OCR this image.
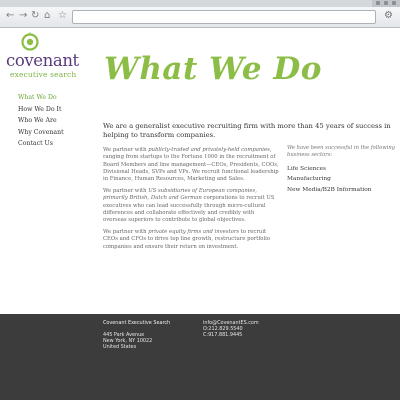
← → ↻ ⌂ ☆	⚙
covenant
executive search
What We Do
How We Do It
Who We Are
Why Covenant
Contact Us
What We Do

We are a generalist executive recruiting firm with more than 45 years of success in helping to transform companies.

We partner with publicly-traded and privately-held companies, ranging from startups to the Fortune 1000 in the recruitment of Board Members and line management—CEOs, Presidents, COOs, Divisional Heads, SVPs and VPs. We recruit functional leadership in Finance, Human Resources, Marketing and Sales.

We partner with US subsidiaries of European companies, primarily British, Dutch and German corporations to recruit US executives who can lead successfully through micro-cultural differences and collaborate effectively and credibly with overseas superiors to contribute to global objectives.

We partner with private equity firms and investors to recruit CEOs and CFOs to drive top line growth, restructure portfolio companies and ensure their return on investment.

We have been successful in the following business sectors:

Life Sciences
Manufacturing
New Media/B2B Information
Covenant Executive Search
445 Park Avenue
New York, NY 10022
United States
info@CovenantES.com
O:212.829.5540
C:917.881.9445
